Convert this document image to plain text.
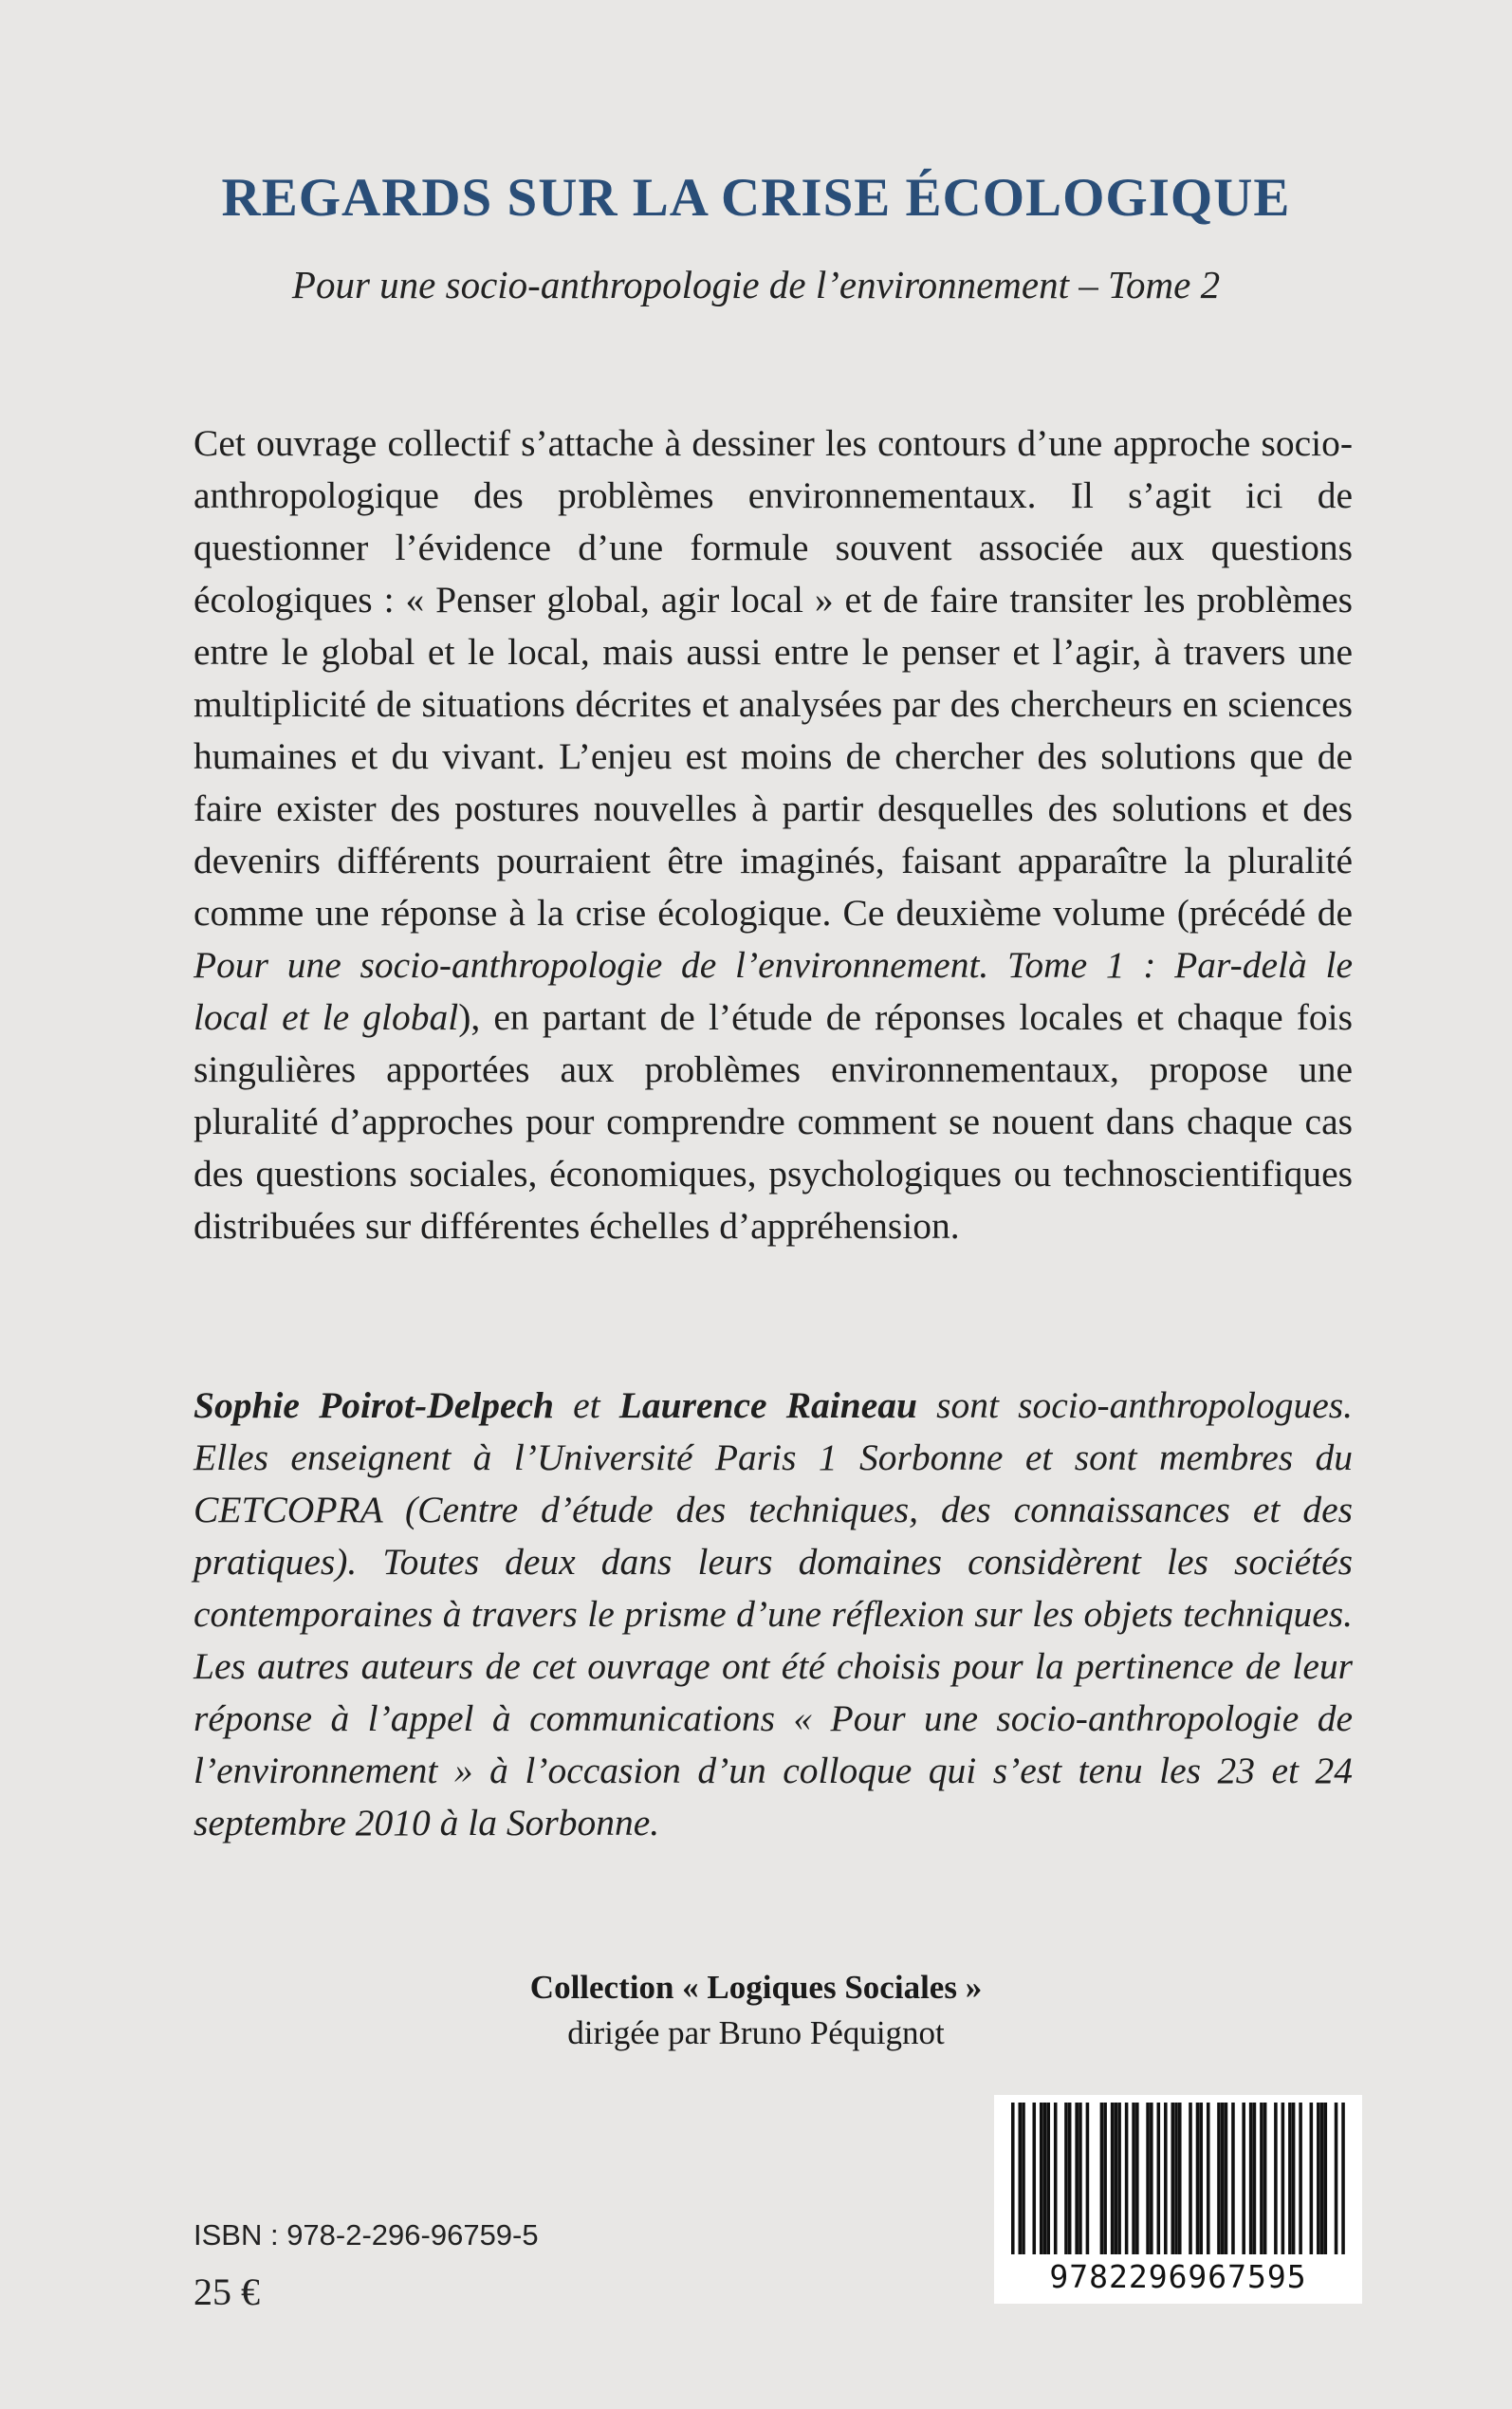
REGARDS SUR LA CRISE ÉCOLOGIQUE
Pour une socio-anthropologie de l’environnement – Tome 2
Cet ouvrage collectif s’attache à dessiner les contours d’une approche socio-anthropologique des problèmes environnementaux. Il s’agit ici de questionner l’évidence d’une formule souvent associée aux questions écologiques : « Penser global, agir local » et de faire transiter les problèmes entre le global et le local, mais aussi entre le penser et l’agir, à travers une multiplicité de situations décrites et analysées par des chercheurs en sciences humaines et du vivant. L’enjeu est moins de chercher des solutions que de faire exister des postures nouvelles à partir desquelles des solutions et des devenirs différents pourraient être imaginés, faisant apparaître la pluralité comme une réponse à la crise écologique. Ce deuxième volume (précédé de Pour une socio-anthropologie de l’environnement. Tome 1 : Par-delà le local et le global), en partant de l’étude de réponses locales et chaque fois singulières apportées aux problèmes environnementaux, propose une pluralité d’approches pour comprendre comment se nouent dans chaque cas des questions sociales, économiques, psychologiques ou technoscientifiques distribuées sur différentes échelles d’appréhension.
Sophie Poirot-Delpech et Laurence Raineau sont socio-anthropologues. Elles enseignent à l’Université Paris 1 Sorbonne et sont membres du CETCOPRA (Centre d’étude des techniques, des connaissances et des pratiques). Toutes deux dans leurs domaines considèrent les sociétés contemporaines à travers le prisme d’une réflexion sur les objets techniques. Les autres auteurs de cet ouvrage ont été choisis pour la pertinence de leur réponse à l’appel à communications « Pour une socio-anthropologie de l’environnement » à l’occasion d’un colloque qui s’est tenu les 23 et 24 septembre 2010 à la Sorbonne.
Collection « Logiques Sociales »
dirigée par Bruno Péquignot
ISBN : 978-2-296-96759-5
25 €	9782296967595
